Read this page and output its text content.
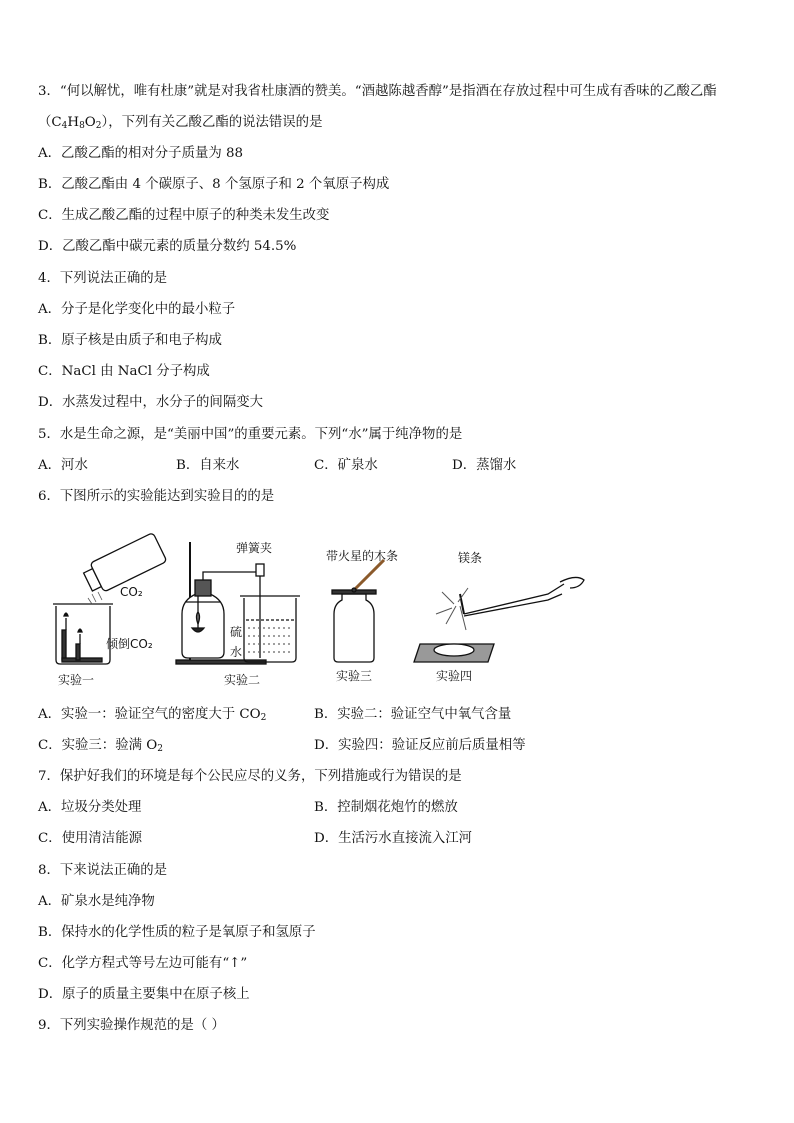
3．“何以解忧，唯有杜康”就是对我省杜康酒的赞美。“酒越陈越香醇”是指酒在存放过程中可生成有香味的乙酸乙酯
$(C_4H_8O_2)$，下列有关乙酸乙酯的说法错误的是
A．乙酸乙酯的相对分子质量为 88
B．乙酸乙酯由 4 个碳原子、8 个氢原子和 2 个氧原子构成
C．生成乙酸乙酯的过程中原子的种类未发生改变
D．乙酸乙酯中碳元素的质量分数约 54.5%
4．下列说法正确的是
A．分子是化学变化中的最小粒子
B．原子核是由质子和电子构成
C．NaCl 由 NaCl 分子构成
D．水蒸发过程中，水分子的间隔变大
5．水是生命之源，是“美丽中国”的重要元素。下列“水”属于纯净物的是
A．河水	B．自来水	C．矿泉水	D．蒸馏水
6．下图所示的实验能达到实验目的的是
CO₂
倾倒CO₂
弹簧夹
硫
水
带火星的木条	镁条
实验一	实验二	实验三	实验四
A．实验一：验证空气的密度大于 $CO_2$	B．实验二：验证空气中氧气含量
C．实验三：验满 $O_2$	D．实验四：验证反应前后质量相等
7．保护好我们的环境是每个公民应尽的义务，下列措施或行为错误的是
A．垃圾分类处理	B．控制烟花炮竹的燃放
C．使用清洁能源	D．生活污水直接流入江河
8．下来说法正确的是
A．矿泉水是纯净物
B．保持水的化学性质的粒子是氧原子和氢原子
C．化学方程式等号左边可能有“↑”
D．原子的质量主要集中在原子核上
9．下列实验操作规范的是（ ）
